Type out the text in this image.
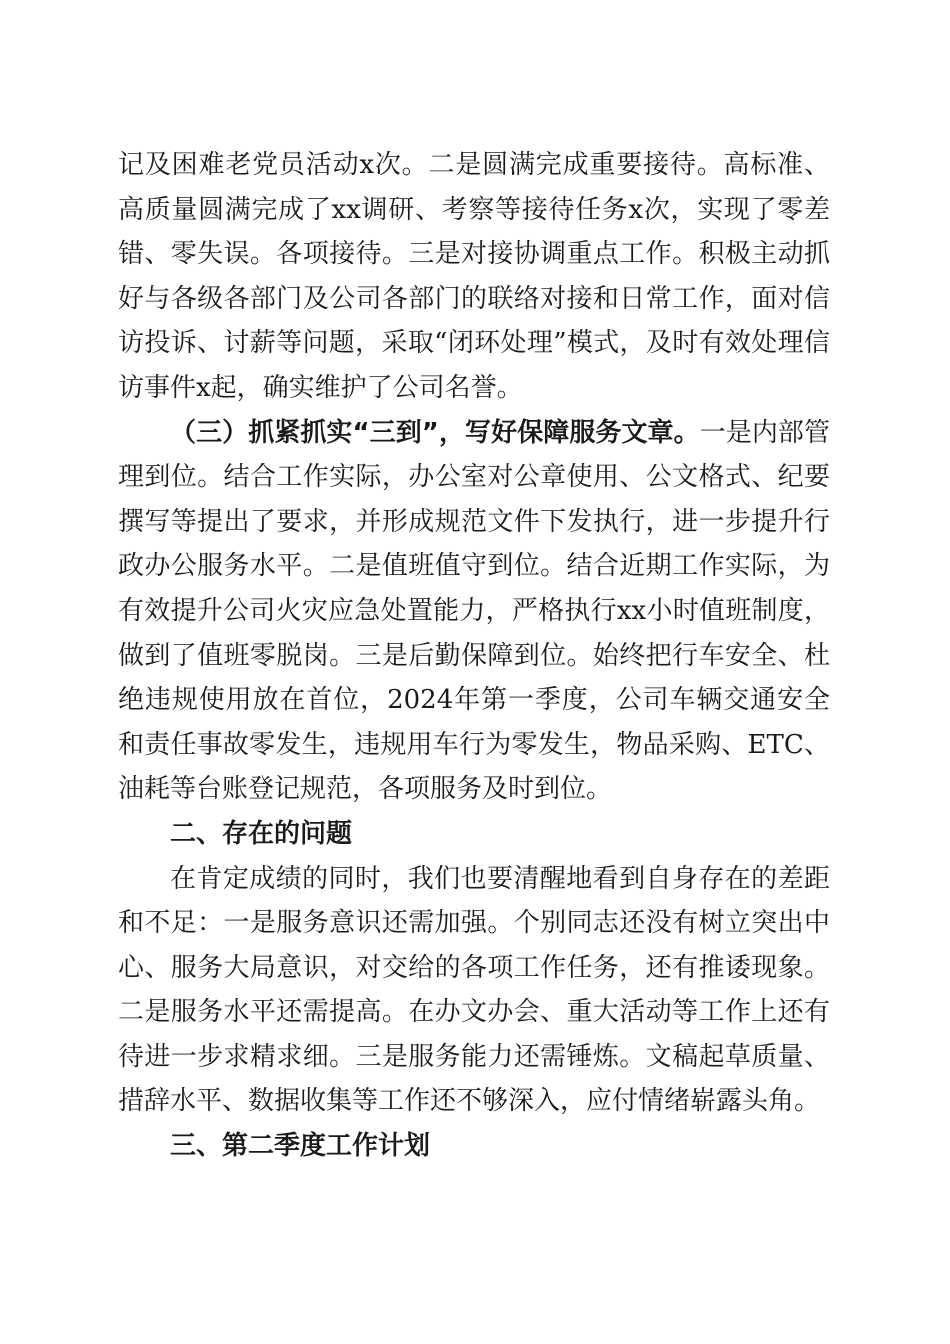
记及困难老党员活动x次。二是圆满完成重要接待。高标准、高质量圆满完成了xx调研、考察等接待任务x次，实现了零差错、零失误。各项接待。三是对接协调重点工作。积极主动抓好与各级各部门及公司各部门的联络对接和日常工作，面对信访投诉、讨薪等问题，采取“闭环处理”模式，及时有效处理信访事件x起，确实维护了公司名誉。

（三）抓紧抓实“三到”，写好保障服务文章。一是内部管理到位。结合工作实际，办公室对公章使用、公文格式、纪要撰写等提出了要求，并形成规范文件下发执行，进一步提升行政办公服务水平。二是值班值守到位。结合近期工作实际，为有效提升公司火灾应急处置能力，严格执行xx小时值班制度，做到了值班零脱岗。三是后勤保障到位。始终把行车安全、杜绝违规使用放在首位，2024年第一季度，公司车辆交通安全和责任事故零发生，违规用车行为零发生，物品采购、ETC、油耗等台账登记规范，各项服务及时到位。

二、存在的问题

在肯定成绩的同时，我们也要清醒地看到自身存在的差距和不足：一是服务意识还需加强。个别同志还没有树立突出中心、服务大局意识，对交给的各项工作任务，还有推诿现象。二是服务水平还需提高。在办文办会、重大活动等工作上还有待进一步求精求细。三是服务能力还需锤炼。文稿起草质量、措辞水平、数据收集等工作还不够深入，应付情绪崭露头角。

三、第二季度工作计划
